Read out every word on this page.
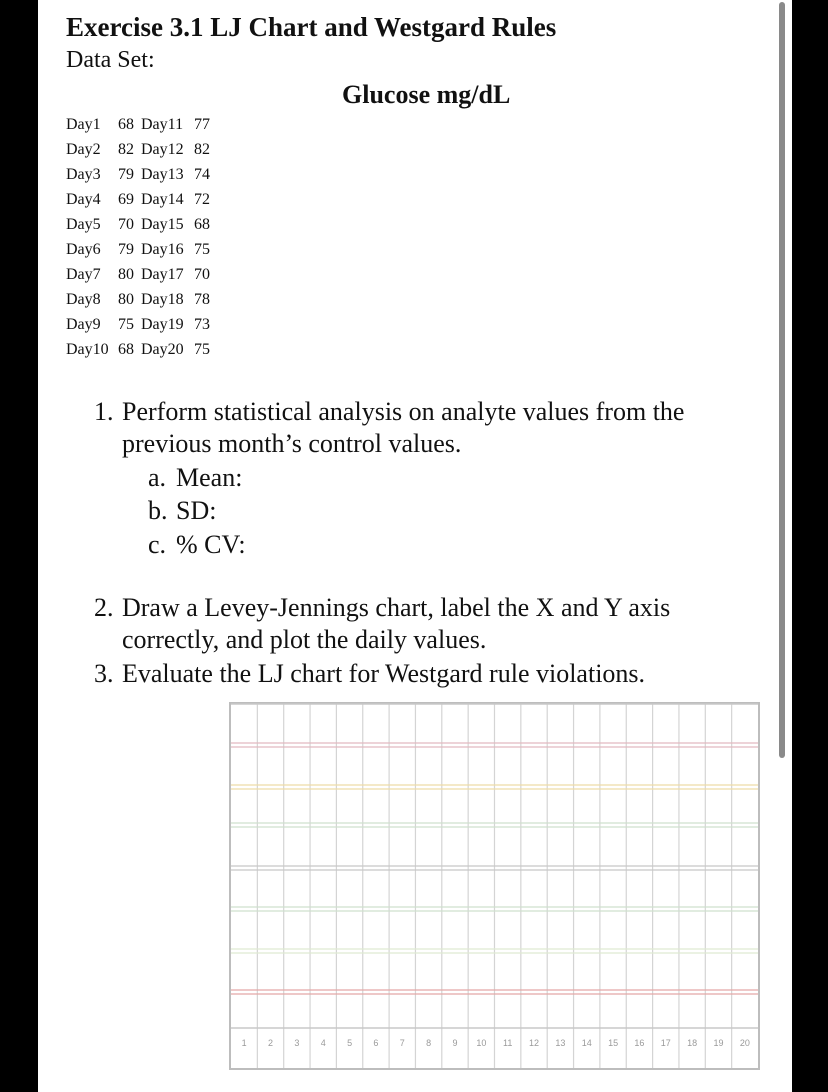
Exercise 3.1 LJ Chart and Westgard Rules
Data Set:
Glucose mg/dL
Day1 68 Day11 77
Day2 82 Day12 82
Day3 79 Day13 74
Day4 69 Day14 72
Day5 70 Day15 68
Day6 79 Day16 75
Day7 80 Day17 70
Day8 80 Day18 78
Day9 75 Day19 73
Day10 68 Day20 75
1. Perform statistical analysis on analyte values from the
previous month’s control values.
a. Mean:
b. SD:
c. % CV:
2. Draw a Levey-Jennings chart, label the X and Y axis
correctly, and plot the daily values.
3. Evaluate the LJ chart for Westgard rule violations.
1 2 3 4 5 6 7 8 9 10 11 12 13 14 15 16 17 18 19 20
